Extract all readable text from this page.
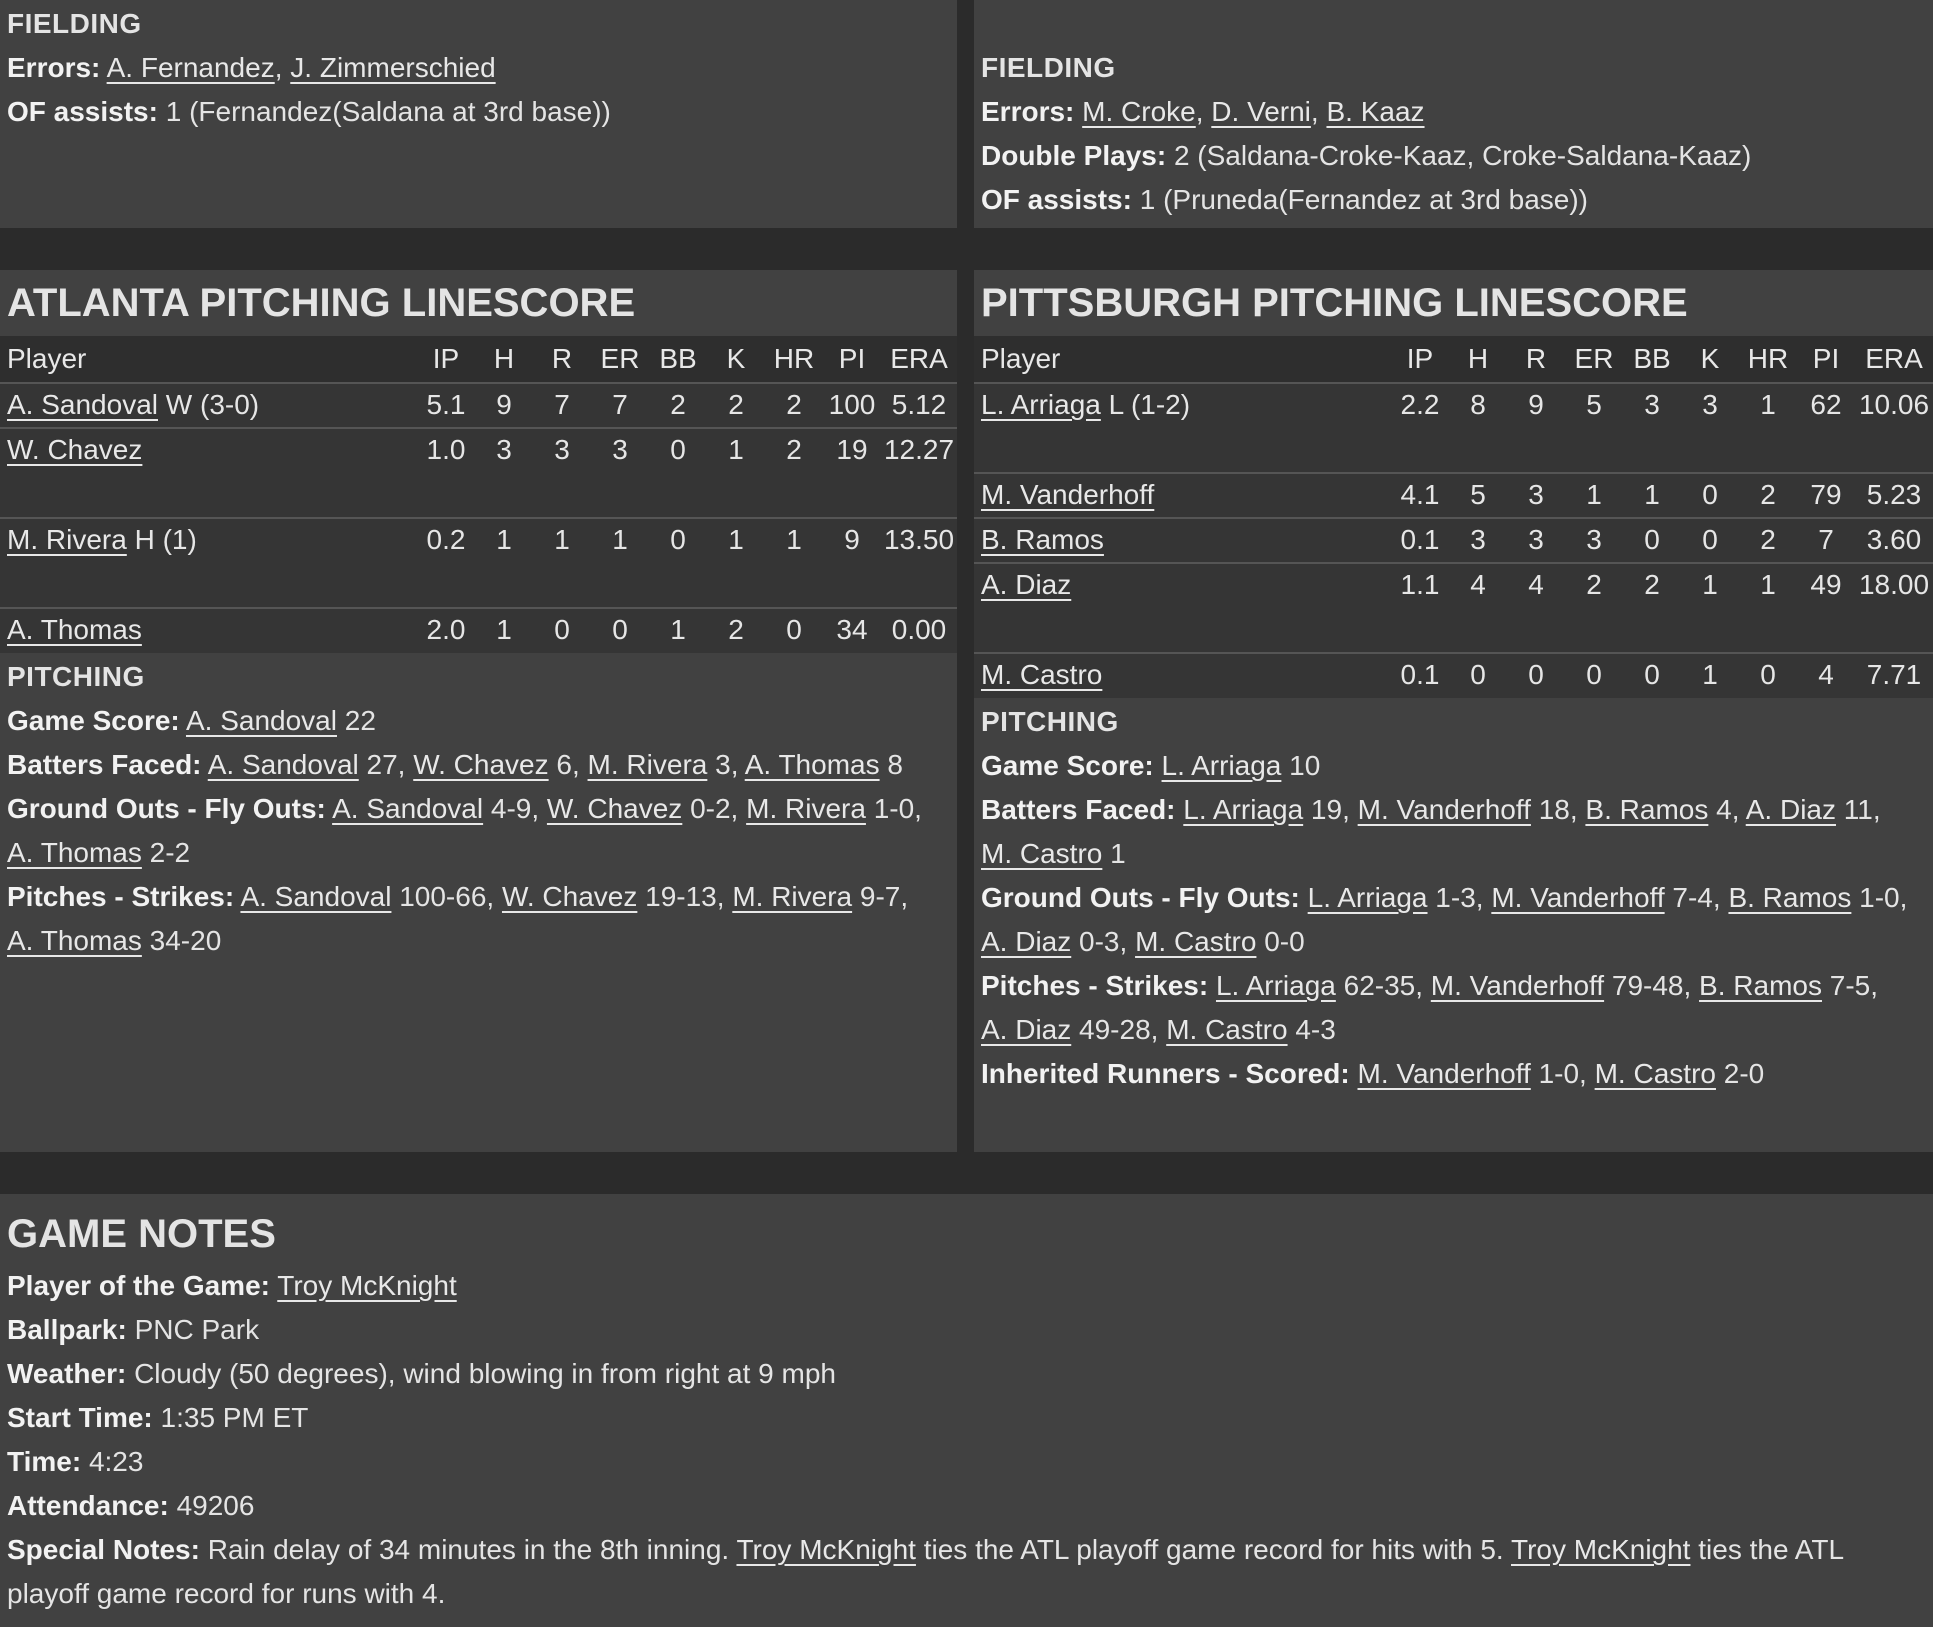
FIELDING
Errors: A. Fernandez, J. Zimmerschied
OF assists: 1 (Fernandez(Saldana at 3rd base))
FIELDING
Errors: M. Croke, D. Verni, B. Kaaz
Double Plays: 2 (Saldana-Croke-Kaaz, Croke-Saldana-Kaaz)
OF assists: 1 (Pruneda(Fernandez at 3rd base))
ATLANTA PITCHING LINESCORE
Player	IP	H	R	ER	BB	K	HR	PI	ERA
A. Sandoval W (3-0)	5.1	9	7	7	2	2	2	100	5.12
W. Chavez	1.0	3	3	3	0	1	2	19	12.27
M. Rivera H (1)	0.2	1	1	1	0	1	1	9	13.50
A. Thomas	2.0	1	0	0	1	2	0	34	0.00
PITCHING
Game Score: A. Sandoval 22
Batters Faced: A. Sandoval 27, W. Chavez 6, M. Rivera 3, A. Thomas 8
Ground Outs - Fly Outs: A. Sandoval 4-9, W. Chavez 0-2, M. Rivera 1-0,
A. Thomas 2-2
Pitches - Strikes: A. Sandoval 100-66, W. Chavez 19-13, M. Rivera 9-7,
A. Thomas 34-20
PITTSBURGH PITCHING LINESCORE
Player	IP	H	R	ER	BB	K	HR	PI	ERA
L. Arriaga L (1-2)	2.2	8	9	5	3	3	1	62	10.06
M. Vanderhoff	4.1	5	3	1	1	0	2	79	5.23
B. Ramos	0.1	3	3	3	0	0	2	7	3.60
A. Diaz	1.1	4	4	2	2	1	1	49	18.00
M. Castro	0.1	0	0	0	0	1	0	4	7.71
PITCHING
Game Score: L. Arriaga 10
Batters Faced: L. Arriaga 19, M. Vanderhoff 18, B. Ramos 4, A. Diaz 11,
M. Castro 1
Ground Outs - Fly Outs: L. Arriaga 1-3, M. Vanderhoff 7-4, B. Ramos 1-0,
A. Diaz 0-3, M. Castro 0-0
Pitches - Strikes: L. Arriaga 62-35, M. Vanderhoff 79-48, B. Ramos 7-5,
A. Diaz 49-28, M. Castro 4-3
Inherited Runners - Scored: M. Vanderhoff 1-0, M. Castro 2-0
GAME NOTES
Player of the Game: Troy McKnight
Ballpark: PNC Park
Weather: Cloudy (50 degrees), wind blowing in from right at 9 mph
Start Time: 1:35 PM ET
Time: 4:23
Attendance: 49206
Special Notes: Rain delay of 34 minutes in the 8th inning. Troy McKnight ties the ATL playoff game record for hits with 5. Troy McKnight ties the ATL playoff game record for runs with 4.
